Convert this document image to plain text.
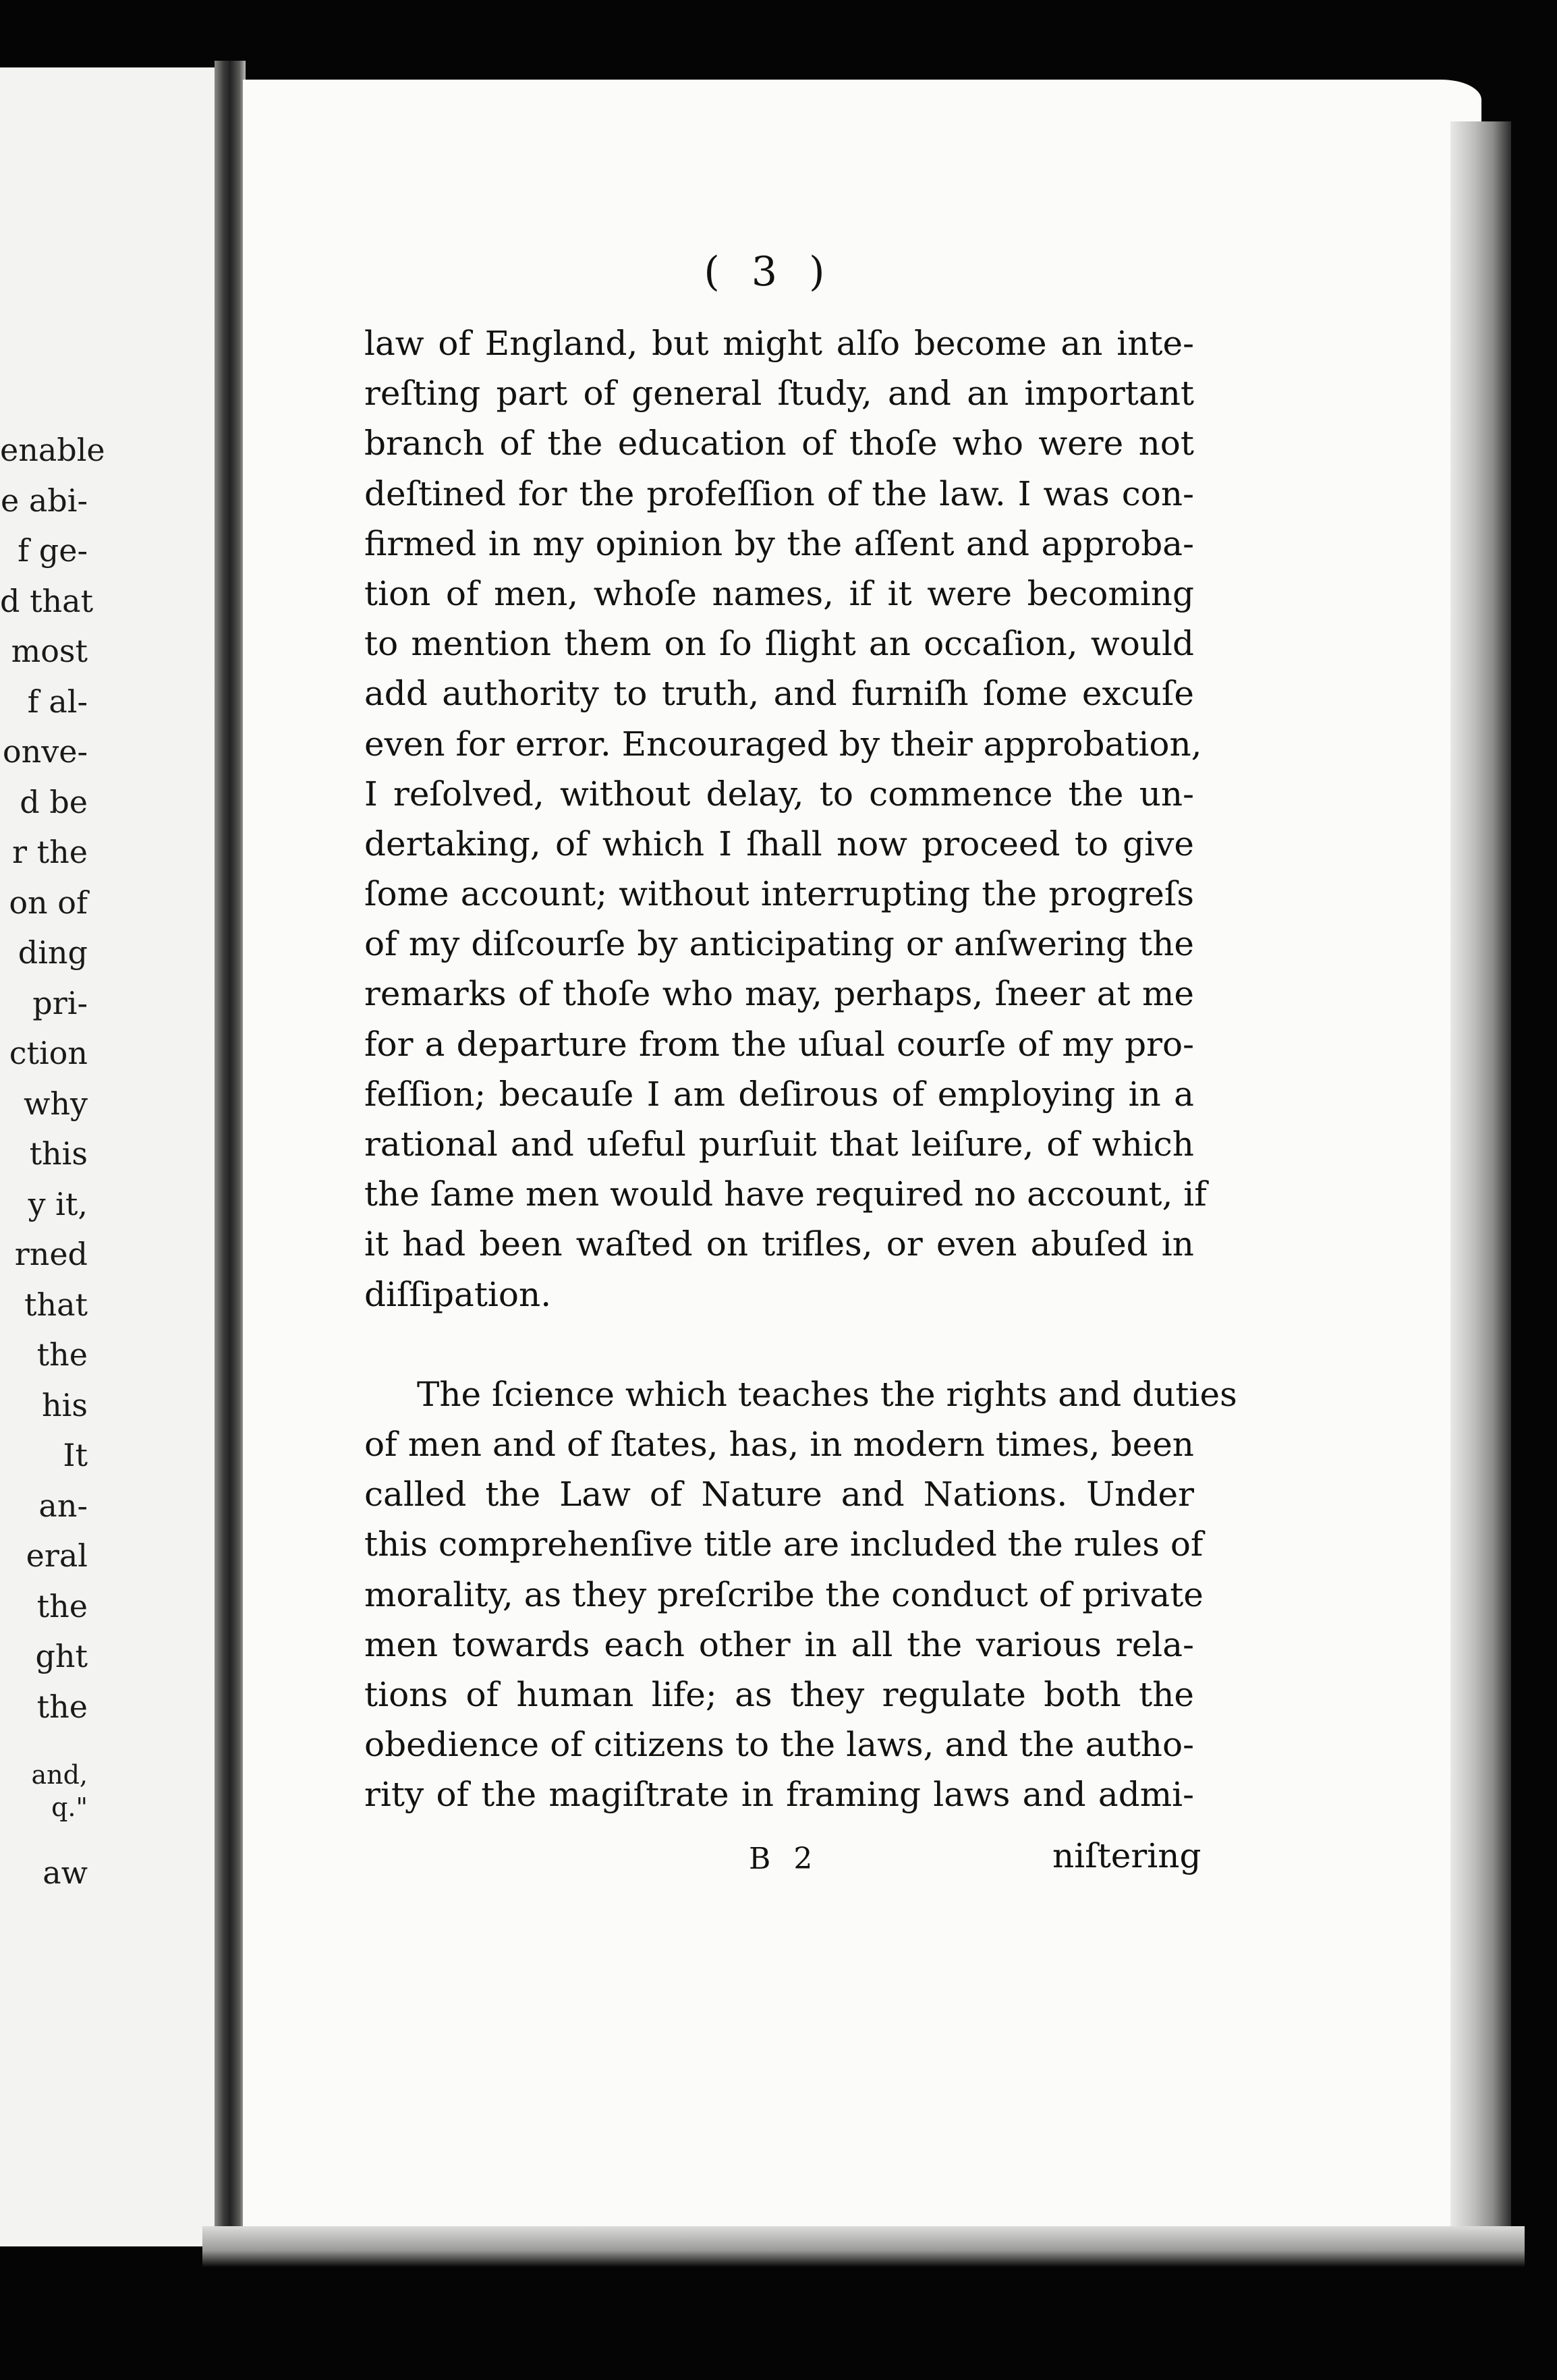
enable
e abi-
f ge-
d that
most
f al-
onve-
d be
r the
on of
ding
pri-
ction
why
this
y it,
rned
that
the
his
It
an-
eral
the
ght
the
and,
q."
aw
( 3 )
law of England, but might alſo become an inte-
reſting part of general ſtudy, and an important
branch of the education of thoſe who were not
deſtined for the profeſſion of the law. I was con-
firmed in my opinion by the aſſent and approba-
tion of men, whoſe names, if it were becoming
to mention them on ſo ſlight an occaſion, would
add authority to truth, and furniſh ſome excuſe
even for error. Encouraged by their approbation,
I reſolved, without delay, to commence the un-
dertaking, of which I ſhall now proceed to give
ſome account; without interrupting the progreſs
of my diſcourſe by anticipating or anſwering the
remarks of thoſe who may, perhaps, ſneer at me
for a departure from the uſual courſe of my pro-
feſſion; becauſe I am deſirous of employing in a
rational and uſeful purſuit that leiſure, of which
the ſame men would have required no account, if
it had been waſted on trifles, or even abuſed in
diſſipation.
The ſcience which teaches the rights and duties
of men and of ſtates, has, in modern times, been
called the Law of Nature and Nations. Under
this comprehenſive title are included the rules of
morality, as they preſcribe the conduct of private
men towards each other in all the various rela-
tions of human life; as they regulate both the
obedience of citizens to the laws, and the autho-
rity of the magiſtrate in framing laws and admi-
B 2	niſtering
